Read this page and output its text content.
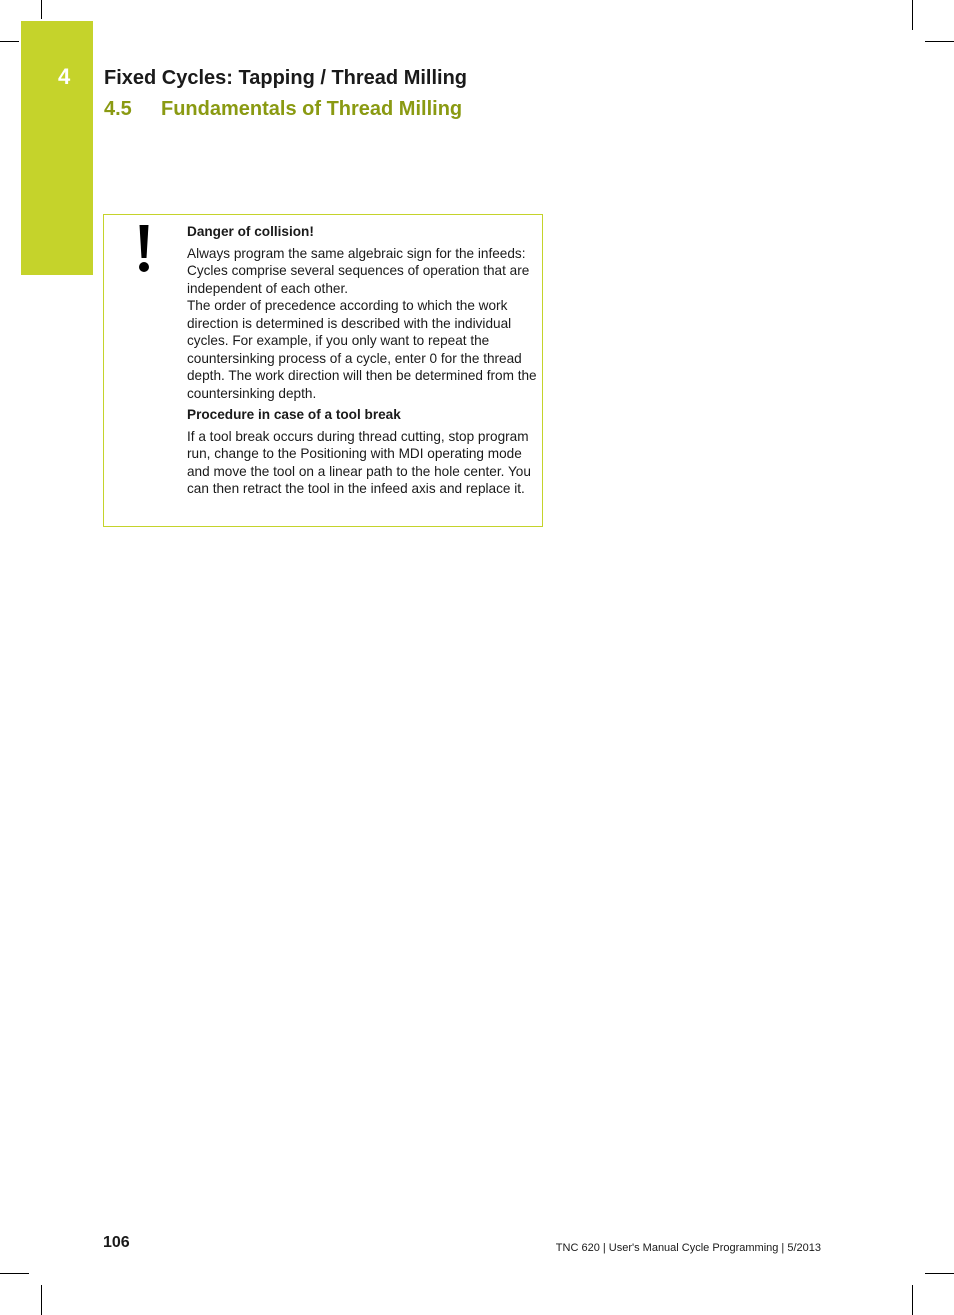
4 Fixed Cycles: Tapping / Thread Milling
4.5 Fundamentals of Thread Milling

Danger of collision!

Always program the same algebraic sign for the infeeds: Cycles comprise several sequences of operation that are independent of each other.

The order of precedence according to which the work direction is determined is described with the individual cycles. For example, if you only want to repeat the countersinking process of a cycle, enter 0 for the thread depth. The work direction will then be determined from the countersinking depth.

Procedure in case of a tool break

If a tool break occurs during thread cutting, stop program run, change to the Positioning with MDI operating mode and move the tool on a linear path to the hole center. You can then retract the tool in the infeed axis and replace it.

106	TNC 620 | User's Manual Cycle Programming | 5/2013
